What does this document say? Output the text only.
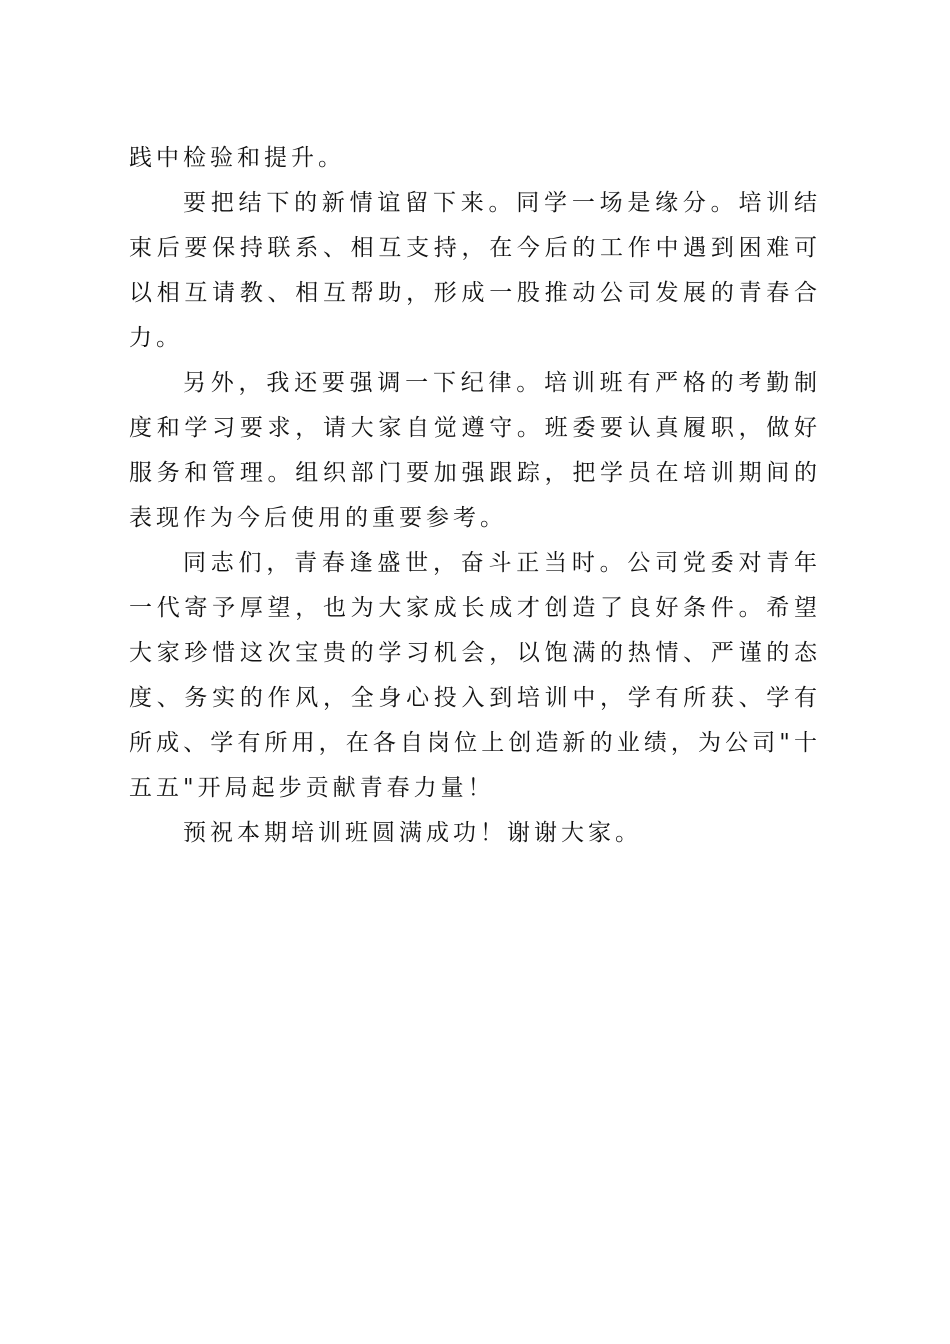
践中检验和提升。

要把结下的新情谊留下来。同学一场是缘分。培训结束后要保持联系、相互支持，在今后的工作中遇到困难可以相互请教、相互帮助，形成一股推动公司发展的青春合力。

另外，我还要强调一下纪律。培训班有严格的考勤制度和学习要求，请大家自觉遵守。班委要认真履职，做好服务和管理。组织部门要加强跟踪，把学员在培训期间的表现作为今后使用的重要参考。

同志们，青春逢盛世，奋斗正当时。公司党委对青年一代寄予厚望，也为大家成长成才创造了良好条件。希望大家珍惜这次宝贵的学习机会，以饱满的热情、严谨的态度、务实的作风，全身心投入到培训中，学有所获、学有所成、学有所用，在各自岗位上创造新的业绩，为公司"十五五"开局起步贡献青春力量！

预祝本期培训班圆满成功！谢谢大家。
